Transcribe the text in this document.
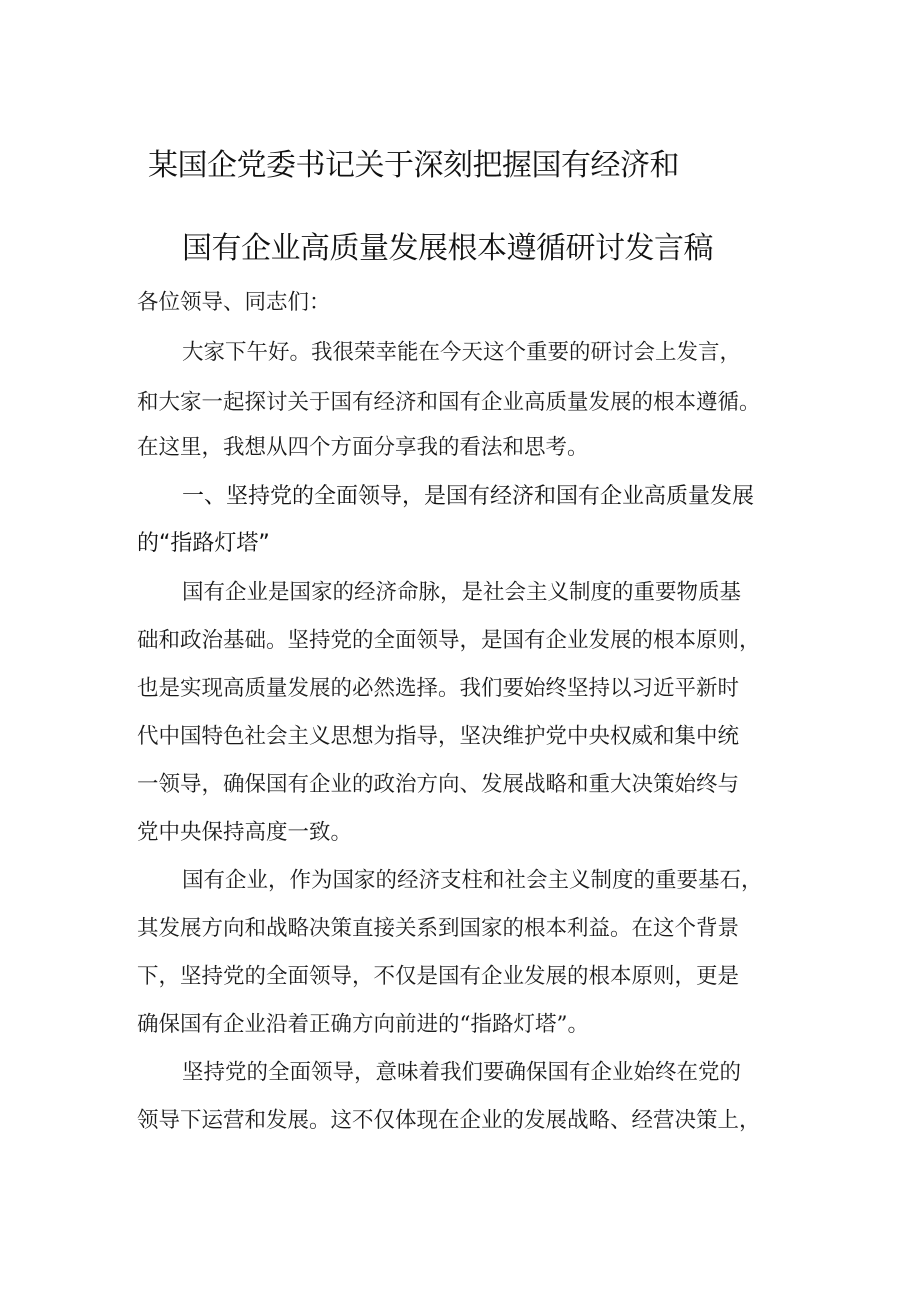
某国企党委书记关于深刻把握国有经济和
国有企业高质量发展根本遵循研讨发言稿
各位领导、同志们：
大家下午好。我很荣幸能在今天这个重要的研讨会上发言，
和大家一起探讨关于国有经济和国有企业高质量发展的根本遵循。
在这里，我想从四个方面分享我的看法和思考。
一、坚持党的全面领导，是国有经济和国有企业高质量发展
的“指路灯塔”
国有企业是国家的经济命脉，是社会主义制度的重要物质基
础和政治基础。坚持党的全面领导，是国有企业发展的根本原则，
也是实现高质量发展的必然选择。我们要始终坚持以习近平新时
代中国特色社会主义思想为指导，坚决维护党中央权威和集中统
一领导，确保国有企业的政治方向、发展战略和重大决策始终与
党中央保持高度一致。
国有企业，作为国家的经济支柱和社会主义制度的重要基石，
其发展方向和战略决策直接关系到国家的根本利益。在这个背景
下，坚持党的全面领导，不仅是国有企业发展的根本原则，更是
确保国有企业沿着正确方向前进的“指路灯塔”。
坚持党的全面领导，意味着我们要确保国有企业始终在党的
领导下运营和发展。这不仅体现在企业的发展战略、经营决策上，
